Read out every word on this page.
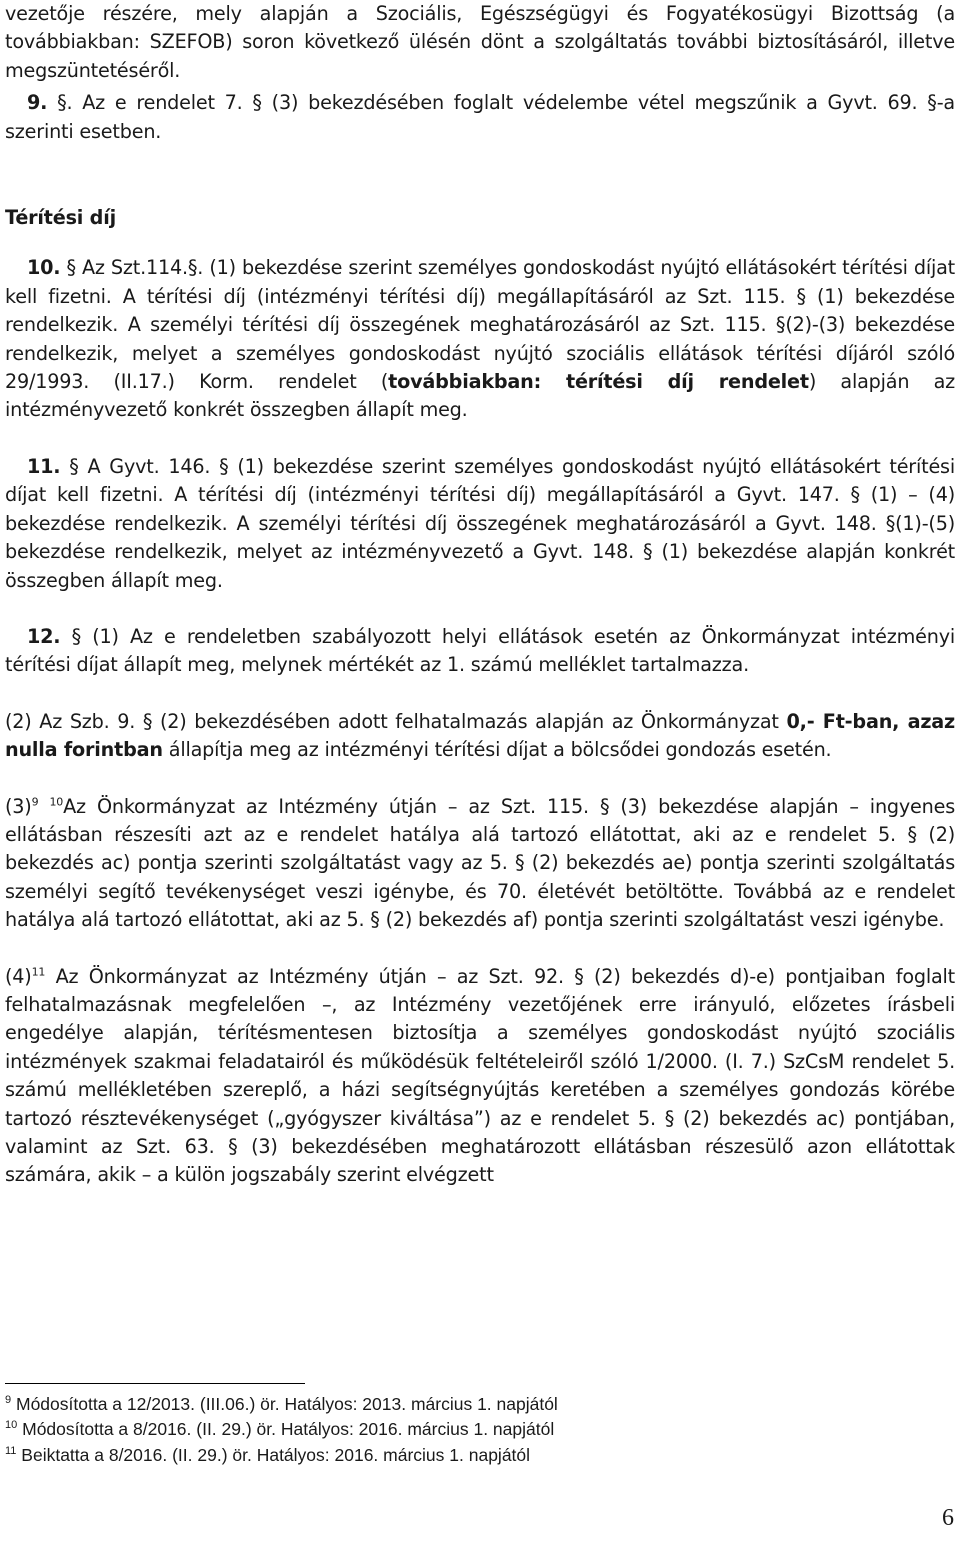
vezetője részére, mely alapján a Szociális, Egészségügyi és Fogyatékosügyi Bizottság (a továbbiakban: SZEFOB) soron következő ülésén dönt a szolgáltatás további biztosításáról, illetve megszüntetéséről.

9. §. Az e rendelet 7. § (3) bekezdésében foglalt védelembe vétel megszűnik a Gyvt. 69. §-a szerinti esetben.

Térítési díj

10. § Az Szt.114.§. (1) bekezdése szerint személyes gondoskodást nyújtó ellátásokért térítési díjat kell fizetni. A térítési díj (intézményi térítési díj) megállapításáról az Szt. 115. § (1) bekezdése rendelkezik. A személyi térítési díj összegének meghatározásáról az Szt. 115. §(2)-(3) bekezdése rendelkezik, melyet a személyes gondoskodást nyújtó szociális ellátások térítési díjáról szóló 29/1993. (II.17.) Korm. rendelet (továbbiakban: térítési díj rendelet) alapján az intézményvezető konkrét összegben állapít meg.

11. § A Gyvt. 146. § (1) bekezdése szerint személyes gondoskodást nyújtó ellátásokért térítési díjat kell fizetni. A térítési díj (intézményi térítési díj) megállapításáról a Gyvt. 147. § (1) – (4) bekezdése rendelkezik. A személyi térítési díj összegének meghatározásáról a Gyvt. 148. §(1)-(5) bekezdése rendelkezik, melyet az intézményvezető a Gyvt. 148. § (1) bekezdése alapján konkrét összegben állapít meg.

12. § (1) Az e rendeletben szabályozott helyi ellátások esetén az Önkormányzat intézményi térítési díjat állapít meg, melynek mértékét az 1. számú melléklet tartalmazza.

(2) Az Szb. 9. § (2) bekezdésében adott felhatalmazás alapján az Önkormányzat 0,- Ft-ban, azaz nulla forintban állapítja meg az intézményi térítési díjat a bölcsődei gondozás esetén.

$(3)^9$ $^{10}$Az Önkormányzat az Intézmény útján – az Szt. 115. § (3) bekezdése alapján – ingyenes ellátásban részesíti azt az e rendelet hatálya alá tartozó ellátottat, aki az e rendelet 5. § (2) bekezdés ac) pontja szerinti szolgáltatást vagy az 5. § (2) bekezdés ae) pontja szerinti szolgáltatás személyi segítő tevékenységet veszi igénybe, és 70. életévét betöltötte. Továbbá az e rendelet hatálya alá tartozó ellátottat, aki az 5. § (2) bekezdés af) pontja szerinti szolgáltatást veszi igénybe.

$(4)^{11}$ Az Önkormányzat az Intézmény útján – az Szt. 92. § (2) bekezdés d)-e) pontjaiban foglalt felhatalmazásnak megfelelően –, az Intézmény vezetőjének erre irányuló, előzetes írásbeli engedélye alapján, térítésmentesen biztosítja a személyes gondoskodást nyújtó szociális intézmények szakmai feladatairól és működésük feltételeiről szóló 1/2000. (I. 7.) SzCsM rendelet 5. számú mellékletében szereplő, a házi segítségnyújtás keretében a személyes gondozás körébe tartozó résztevékenységet („gyógyszer kiváltása”) az e rendelet 5. § (2) bekezdés ac) pontjában, valamint az Szt. 63. § (3) bekezdésében meghatározott ellátásban részesülő azon ellátottak számára, akik – a külön jogszabály szerint elvégzett

$^9$ Módosította a 12/2013. (III.06.) ör. Hatályos: 2013. március 1. napjától
$^{10}$ Módosította a 8/2016. (II. 29.) ör. Hatályos: 2016. március 1. napjától
$^{11}$ Beiktatta a 8/2016. (II. 29.) ör. Hatályos: 2016. március 1. napjától
6
